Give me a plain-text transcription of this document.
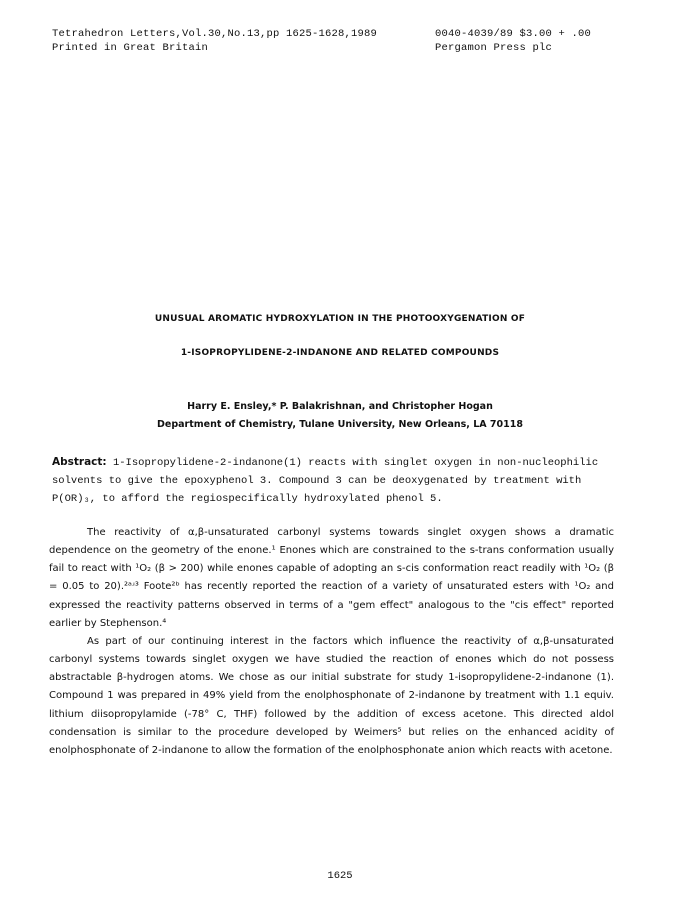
Tetrahedron Letters,Vol.30,No.13,pp 1625-1628,1989	0040-4039/89 $3.00 + .00
Printed in Great Britain	Pergamon Press plc
UNUSUAL AROMATIC HYDROXYLATION IN THE PHOTOOXYGENATION OF
1-ISOPROPYLIDENE-2-INDANONE AND RELATED COMPOUNDS
Harry E. Ensley,* P. Balakrishnan, and Christopher Hogan
Department of Chemistry, Tulane University, New Orleans, LA 70118
Abstract: 1-Isopropylidene-2-indanone(1) reacts with singlet oxygen in non-nucleophilic solvents to give the epoxyphenol 3. Compound 3 can be deoxygenated by treatment with P(OR)₃, to afford the regiospecifically hydroxylated phenol 5.

The reactivity of α,β-unsaturated carbonyl systems towards singlet oxygen shows a dramatic dependence on the geometry of the enone.¹ Enones which are constrained to the s-trans conformation usually fail to react with ¹O₂ (β > 200) while enones capable of adopting an s-cis conformation react readily with ¹O₂ (β = 0.05 to 20).²ᵃʴ³ Foote²ᵇ has recently reported the reaction of a variety of unsaturated esters with ¹O₂ and expressed the reactivity patterns observed in terms of a "gem effect" analogous to the "cis effect" reported earlier by Stephenson.⁴

As part of our continuing interest in the factors which influence the reactivity of α,β-unsaturated carbonyl systems towards singlet oxygen we have studied the reaction of enones which do not possess abstractable β-hydrogen atoms. We chose as our initial substrate for study 1-isopropylidene-2-indanone (1). Compound 1 was prepared in 49% yield from the enolphosphonate of 2-indanone by treatment with 1.1 equiv. lithium diisopropylamide (-78° C, THF) followed by the addition of excess acetone. This directed aldol condensation is similar to the procedure developed by Weimers⁵ but relies on the enhanced acidity of enolphosphonate of 2-indanone to allow the formation of the enolphosphonate anion which reacts with acetone.

1625
